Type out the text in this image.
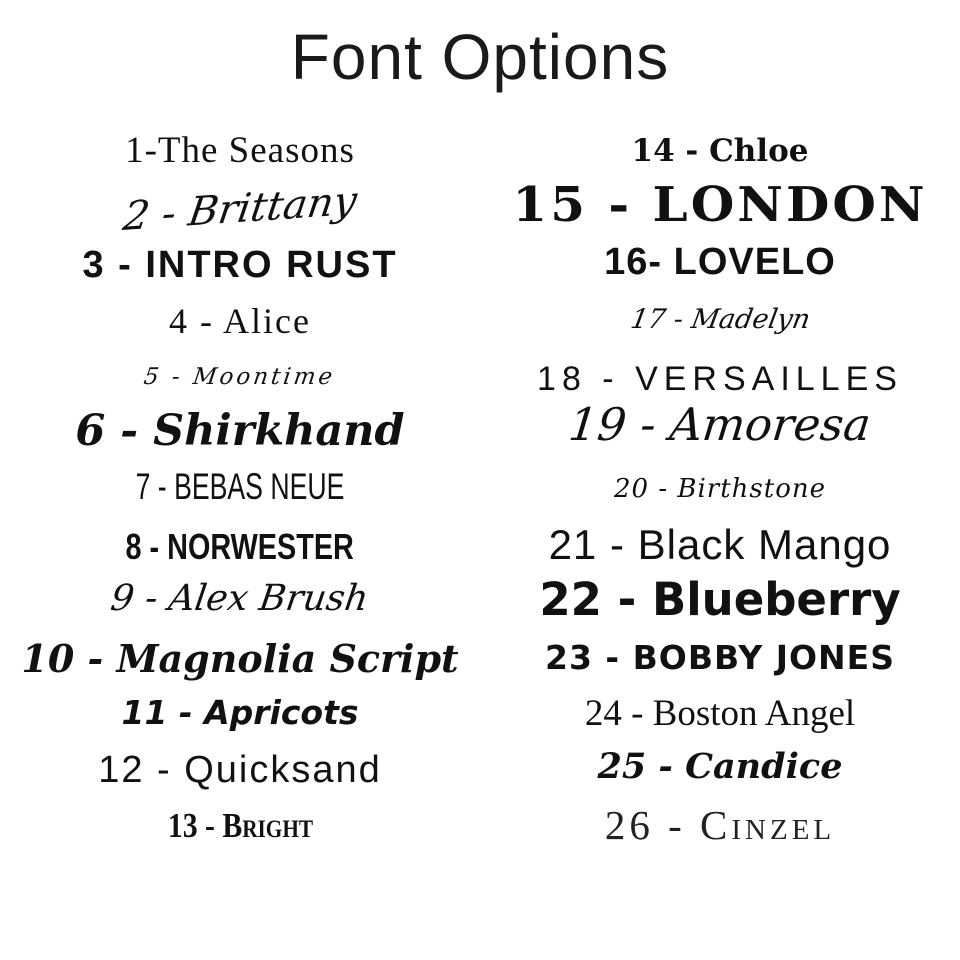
Font Options
1-The Seasons
2 - Brittany
3 - INTRO RUST
4 - Alice
5 - Moontime
6 - Shirkhand
7 - BEBAS NEUE
8 - NORWESTER
9 - Alex Brush
10 - Magnolia Script
11 - Apricots
12 - Quicksand
13 - Bright
14 - Chloe
15 - LONDON
16- LOVELO
17 - Madelyn
18 - VERSAILLES
19 - Amoresa
20 - Birthstone
21 - Black Mango
22 - Blueberry
23 - BOBBY JONES
24 - Boston Angel
25 - Candice
26 - Cinzel
